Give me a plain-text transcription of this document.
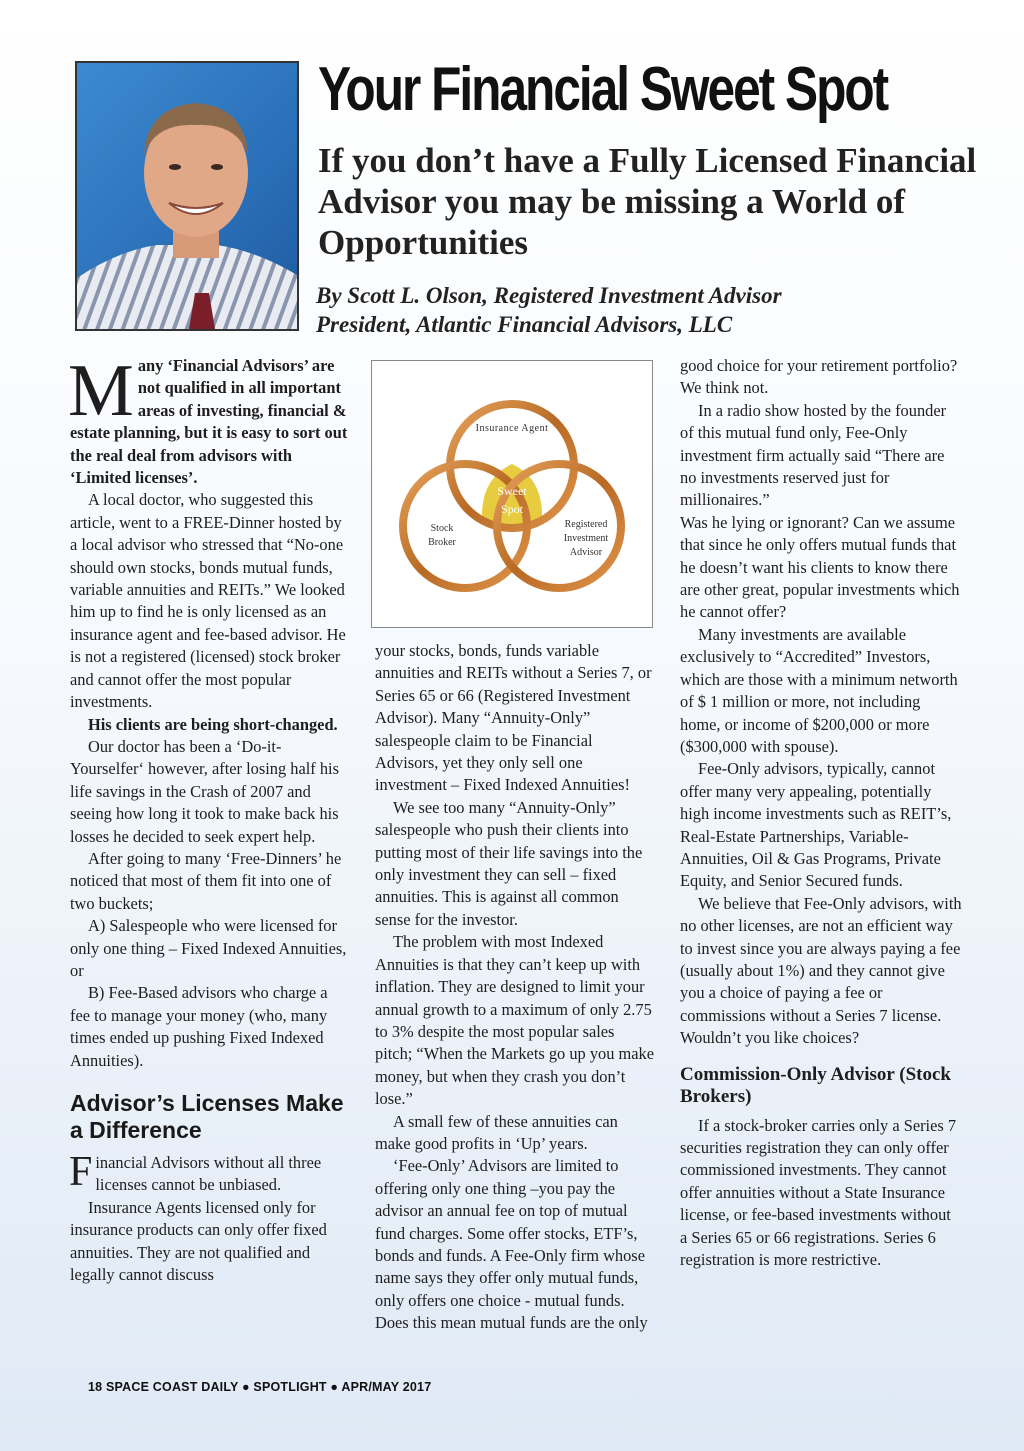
Your Financial Sweet Spot
If you don’t have a Fully Licensed Financial Advisor you may be missing a World of Opportunities
By Scott L. Olson, Registered Investment Advisor
President, Atlantic Financial Advisors, LLC

Many ‘Financial Advisors’ are not qualified in all important areas of investing, financial & estate planning, but it is easy to sort out the real deal from advisors with ‘Limited licenses’.

A local doctor, who suggested this article, went to a FREE-Dinner hosted by a local advisor who stressed that “No-one should own stocks, bonds mutual funds, variable annuities and REITs.” We looked him up to find he is only licensed as an insurance agent and fee-based advisor. He is not a registered (licensed) stock broker and cannot offer the most popular investments.

His clients are being short-changed.

Our doctor has been a ‘Do-it-Yourselfer‘ however, after losing half his life savings in the Crash of 2007 and seeing how long it took to make back his losses he decided to seek expert help.

After going to many ‘Free-Dinners’ he noticed that most of them fit into one of two buckets;

A) Salespeople who were licensed for only one thing – Fixed Indexed Annuities, or

B) Fee-Based advisors who charge a fee to manage your money (who, many times ended up pushing Fixed Indexed Annuities).

Advisor’s Licenses Make a Difference

Financial Advisors without all three licenses cannot be unbiased.

Insurance Agents licensed only for insurance products can only offer fixed annuities. They are not qualified and legally cannot discuss

Insurance Agent
Stock
Broker
Registered
Investment
Advisor
Sweet
Spot

your stocks, bonds, funds variable annuities and REITs without a Series 7, or Series 65 or 66 (Registered Investment Advisor). Many “Annuity-Only” salespeople claim to be Financial Advisors, yet they only sell one investment – Fixed Indexed Annuities!

We see too many “Annuity-Only” salespeople who push their clients into putting most of their life savings into the only investment they can sell – fixed annuities. This is against all common sense for the investor.

The problem with most Indexed Annuities is that they can’t keep up with inflation. They are designed to limit your annual growth to a maximum of only 2.75 to 3% despite the most popular sales pitch; “When the Markets go up you make money, but when they crash you don’t lose.”

A small few of these annuities can make good profits in ‘Up’ years.

‘Fee-Only’ Advisors are limited to offering only one thing –you pay the advisor an annual fee on top of mutual fund charges. Some offer stocks, ETF’s, bonds and funds. A Fee-Only firm whose name says they offer only mutual funds, only offers one choice - mutual funds. Does this mean mutual funds are the only

good choice for your retirement portfolio? We think not.

In a radio show hosted by the founder of this mutual fund only, Fee-Only investment firm actually said “There are no investments reserved just for millionaires.”

Was he lying or ignorant? Can we assume that since he only offers mutual funds that he doesn’t want his clients to know there are other great, popular investments which he cannot offer?

Many investments are available exclusively to “Accredited” Investors, which are those with a minimum networth of $ 1 million or more, not including home, or income of $200,000 or more ($300,000 with spouse).

Fee-Only advisors, typically, cannot offer many very appealing, potentially high income investments such as REIT’s, Real-Estate Partnerships, Variable-Annuities, Oil & Gas Programs, Private Equity, and Senior Secured funds.

We believe that Fee-Only advisors, with no other licenses, are not an efficient way to invest since you are always paying a fee (usually about 1%) and they cannot give you a choice of paying a fee or commissions without a Series 7 license. Wouldn’t you like choices?

Commission-Only Advisor (Stock Brokers)

If a stock-broker carries only a Series 7 securities registration they can only offer commissioned investments. They cannot offer annuities without a State Insurance license, or fee-based investments without a Series 65 or 66 registrations. Series 6 registration is more restrictive.

18 SPACE COAST DAILY ● SPOTLIGHT ● APR/MAY 2017
